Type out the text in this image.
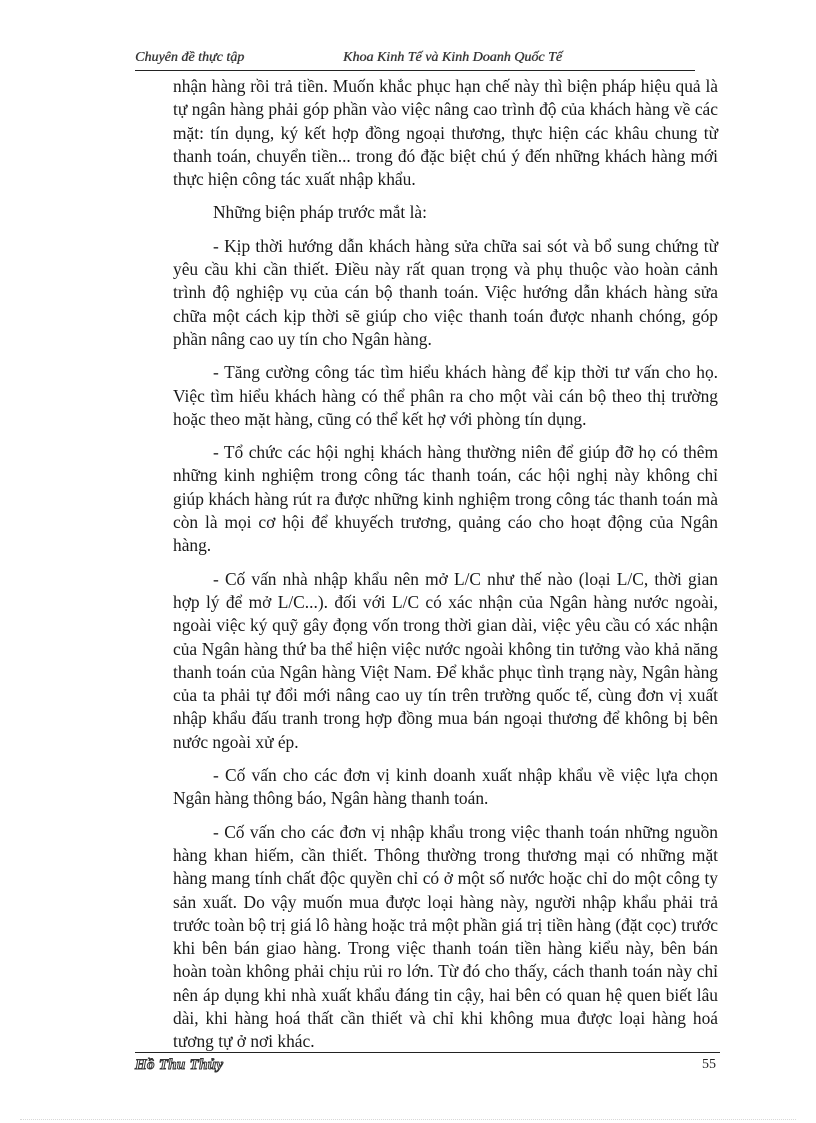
Chuyên đề thực tập	Khoa Kinh Tế và Kinh Doanh Quốc Tế

nhận hàng rồi trả tiền. Muốn khắc phục hạn chế này thì biện pháp hiệu quả là tự ngân hàng phải góp phần vào việc nâng cao trình độ của khách hàng về các mặt: tín dụng, ký kết hợp đồng ngoại thương, thực hiện các khâu chung từ thanh toán, chuyển tiền... trong đó đặc biệt chú ý đến những khách hàng mới thực hiện công tác xuất nhập khẩu.

Những biện pháp trước mắt là:

- Kịp thời hướng dẫn khách hàng sửa chữa sai sót và bổ sung chứng từ yêu cầu khi cần thiết. Điều này rất quan trọng và phụ thuộc vào hoàn cảnh trình độ nghiệp vụ của cán bộ thanh toán. Việc hướng dẫn khách hàng sửa chữa một cách kịp thời sẽ giúp cho việc thanh toán được nhanh chóng, góp phần nâng cao uy tín cho Ngân hàng.

- Tăng cường công tác tìm hiểu khách hàng để kịp thời tư vấn cho họ. Việc tìm hiểu khách hàng có thể phân ra cho một vài cán bộ theo thị trường hoặc theo mặt hàng, cũng có thể kết hợ với phòng tín dụng.

- Tổ chức các hội nghị khách hàng thường niên để giúp đỡ họ có thêm những kinh nghiệm trong công tác thanh toán, các hội nghị này không chỉ giúp khách hàng rút ra được những kinh nghiệm trong công tác thanh toán mà còn là mọi cơ hội để khuyếch trương, quảng cáo cho hoạt động của Ngân hàng.

- Cố vấn nhà nhập khẩu nên mở L/C như thế nào (loại L/C, thời gian hợp lý để mở L/C...). đối với L/C có xác nhận của Ngân hàng nước ngoài, ngoài việc ký quỹ gây đọng vốn trong thời gian dài, việc yêu cầu có xác nhận của Ngân hàng thứ ba thể hiện việc nước ngoài không tin tưởng vào khả năng thanh toán của Ngân hàng Việt Nam. Để khắc phục tình trạng này, Ngân hàng của ta phải tự đổi mới nâng cao uy tín trên trường quốc tế, cùng đơn vị xuất nhập khẩu đấu tranh trong hợp đồng mua bán ngoại thương để không bị bên nước ngoài xử ép.

- Cố vấn cho các đơn vị kinh doanh xuất nhập khẩu về việc lựa chọn Ngân hàng thông báo, Ngân hàng thanh toán.

- Cố vấn cho các đơn vị nhập khẩu trong việc thanh toán những nguồn hàng khan hiếm, cần thiết. Thông thường trong thương mại có những mặt hàng mang tính chất độc quyền chỉ có ở một số nước hoặc chỉ do một công ty sản xuất. Do vậy muốn mua được loại hàng này, người nhập khẩu phải trả trước toàn bộ trị giá lô hàng hoặc trả một phần giá trị tiền hàng (đặt cọc) trước khi bên bán giao hàng. Trong việc thanh toán tiền hàng kiểu này, bên bán hoàn toàn không phải chịu rủi ro lớn. Từ đó cho thấy, cách thanh toán này chỉ nên áp dụng khi nhà xuất khẩu đáng tin cậy, hai bên có quan hệ quen biết lâu dài, khi hàng hoá thất cần thiết và chỉ khi không mua được loại hàng hoá tương tự ở nơi khác.

Hồ Thu Thủy	55
